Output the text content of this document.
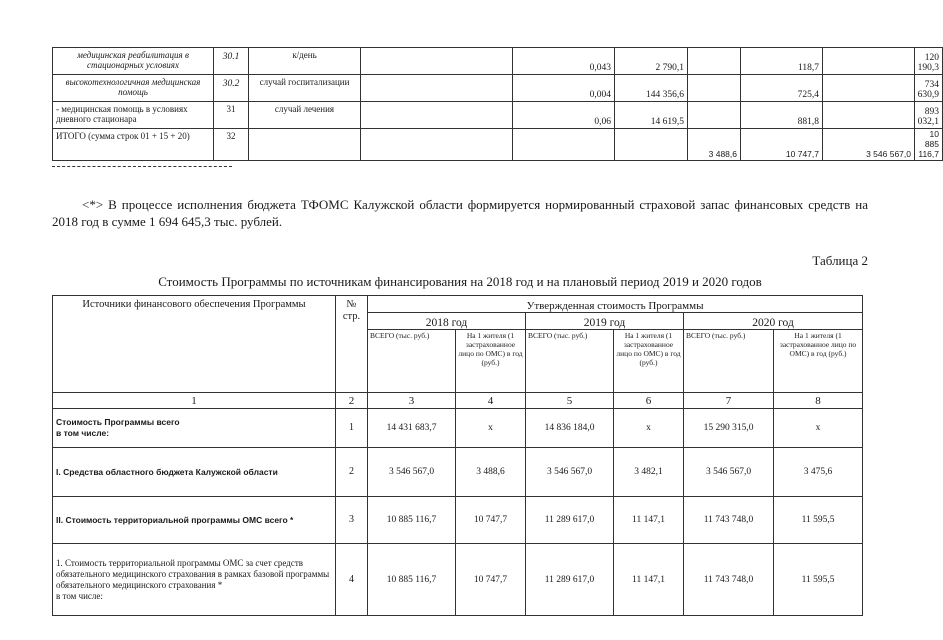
медицинская реабилитация в стационарных условиях	30.1	к/день		0,043	2 790,1		118,7		120 190,3	
высокотехнологичная медицинская помощь	30.2	случай госпитализации		0,004	144 356,6		725,4		734 630,9	
- медицинская помощь в условиях дневного стационара	31	случай лечения		0,06	14 619,5		881,8		893 032,1	
ИТОГО (сумма строк 01 + 15 + 20)	32					3 488,6	10 747,7	3 546 567,0	10 885 116,7	
<*> В процессе исполнения бюджета ТФОМС Калужской области формируется нормированный страховой запас финансовых средств на 2018 год в сумме 1 694 645,3 тыс. рублей.
Таблица 2
Стоимость Программы по источникам финансирования на 2018 год и на плановый период 2019 и 2020 годов
Источники финансового обеспечения Программы	№ стр.	Утвержденная стоимость Программы					
		2018 год		2019 год		2020 год	
		ВСЕГО (тыс. руб.)	На 1 жителя (1 застрахованное лицо по ОМС) в год (руб.)	ВСЕГО (тыс. руб.)	На 1 жителя (1 застрахованное лицо по ОМС) в год (руб.)	ВСЕГО (тыс. руб.)	На 1 жителя (1 застрахованное лицо по ОМС) в год (руб.)
1	2	3	4	5	6	7	8
Стоимость Программы всего
в том числе:	1	14 431 683,7	х	14 836 184,0	х	15 290 315,0	х
I. Средства областного бюджета Калужской области	2	3 546 567,0	3 488,6	3 546 567,0	3 482,1	3 546 567,0	3 475,6
II. Стоимость территориальной программы ОМС всего *	3	10 885 116,7	10 747,7	11 289 617,0	11 147,1	11 743 748,0	11 595,5
1. Стоимость территориальной программы ОМС за счет средств обязательного медицинского страхования в рамках базовой программы обязательного медицинского страхования *
в том числе:	4	10 885 116,7	10 747,7	11 289 617,0	11 147,1	11 743 748,0	11 595,5
